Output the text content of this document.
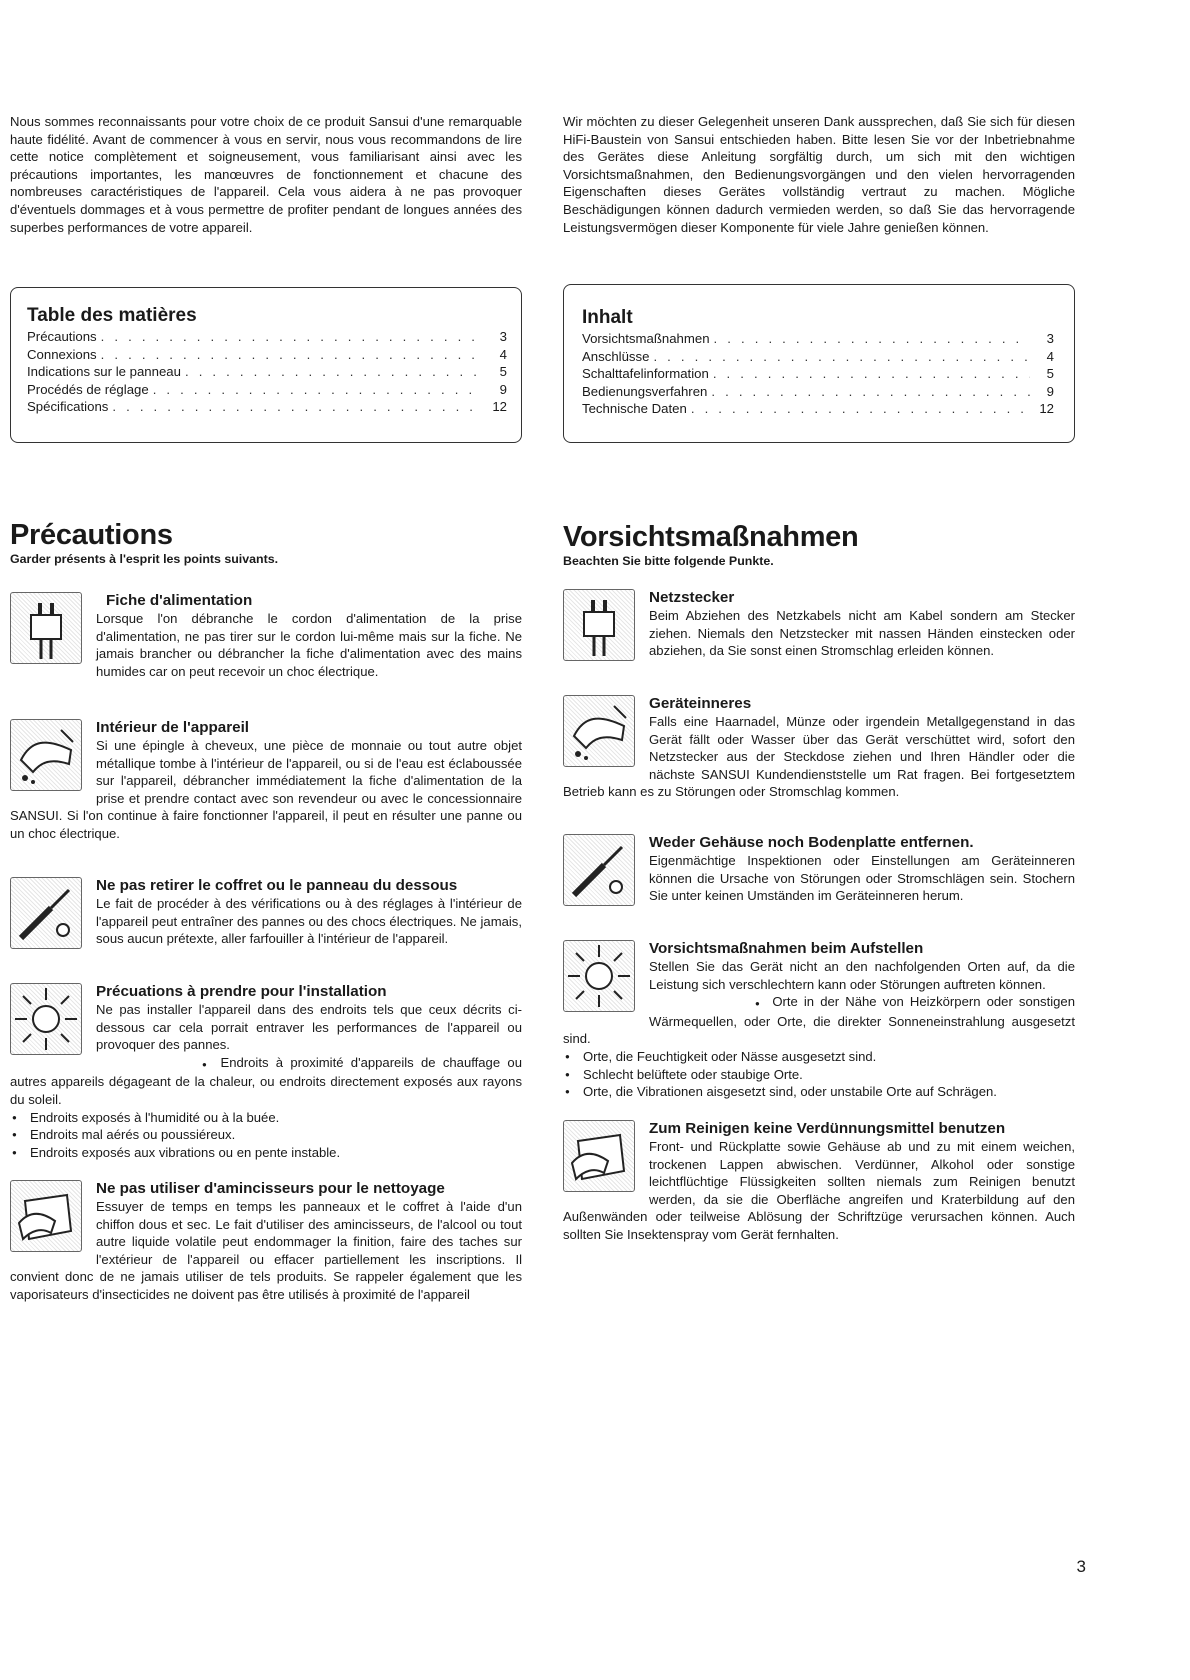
Nous sommes reconnaissants pour votre choix de ce produit Sansui d'une remarquable haute fidélité. Avant de commencer à vous en servir, nous vous recommandons de lire cette notice complètement et soigneusement, vous familiarisant ainsi avec les précautions importantes, les manœuvres de fonctionnement et chacune des nombreuses caractéristiques de l'appareil. Cela vous aidera à ne pas provoquer d'éventuels dommages et à vous permettre de profiter pendant de longues années des superbes performances de votre appareil.

Table des matières
Précautions . . .	3
Connexions . . .	4
Indications sur le panneau . . .	5
Procédés de réglage . . .	9
Spécifications . . .	12
Précautions

Garder présents à l'esprit les points suivants.

Fiche d'alimentation

Lorsque l'on débranche le cordon d'alimentation de la prise d'alimentation, ne pas tirer sur le cordon lui-même mais sur la fiche. Ne jamais brancher ou débrancher la fiche d'alimentation avec des mains humides car on peut recevoir un choc électrique.

Intérieur de l'appareil

Si une épingle à cheveux, une pièce de monnaie ou tout autre objet métallique tombe à l'intérieur de l'appareil, ou si de l'eau est éclaboussée sur l'appareil, débrancher immédiatement la fiche d'alimentation de la prise et prendre contact avec son revendeur ou avec le concessionnaire SANSUI. Si l'on continue à faire fonctionner l'appareil, il peut en résulter une panne ou un choc électrique.

Ne pas retirer le coffret ou le panneau du dessous

Le fait de procéder à des vérifications ou à des réglages à l'intérieur de l'appareil peut entraîner des pannes ou des chocs électriques. Ne jamais, sous aucun prétexte, aller farfouiller à l'intérieur de l'appareil.

Précuations à prendre pour l'installation

Ne pas installer l'appareil dans des endroits tels que ceux décrits ci-dessous car cela porrait entraver les performances de l'appareil ou provoquer des pannes.

● Endroits à proximité d'appareils de chauffage ou autres appareils dégageant de la chaleur, ou endroits directement exposés aux rayons du soleil.

● Endroits exposés à l'humidité ou à la buée.
● Endroits mal aérés ou poussiéreux.
● Endroits exposés aux vibrations ou en pente instable.
Ne pas utiliser d'amincisseurs pour le nettoyage

Essuyer de temps en temps les panneaux et le coffret à l'aide d'un chiffon dous et sec. Le fait d'utiliser des amincisseurs, de l'alcool ou tout autre liquide volatile peut endommager la finition, faire des taches sur l'extérieur de l'appareil ou effacer partiellement les inscriptions. Il convient donc de ne jamais utiliser de tels produits. Se rappeler également que les vaporisateurs d'insecticides ne doivent pas être utilisés à proximité de l'appareil

Wir möchten zu dieser Gelegenheit unseren Dank aussprechen, daß Sie sich für diesen HiFi-Baustein von Sansui entschieden haben. Bitte lesen Sie vor der Inbetriebnahme des Gerätes diese Anleitung sorgfältig durch, um sich mit den wichtigen Vorsichtsmaßnahmen, den Bedienungsvorgängen und den vielen hervorragenden Eigenschaften dieses Gerätes vollständig vertraut zu machen. Mögliche Beschädigungen können dadurch vermieden werden, so daß Sie das hervorragende Leistungsvermögen dieser Komponente für viele Jahre genießen können.

Inhalt
Vorsichtsmaßnahmen . . .	3
Anschlüsse . . .	4
Schalttafelinformation . . .	5
Bedienungsverfahren . . .	9
Technische Daten . . .	12
Vorsichtsmaßnahmen

Beachten Sie bitte folgende Punkte.

Netzstecker

Beim Abziehen des Netzkabels nicht am Kabel sondern am Stecker ziehen. Niemals den Netzstecker mit nassen Händen einstecken oder abziehen, da Sie sonst einen Stromschlag erleiden können.

Geräteinneres

Falls eine Haarnadel, Münze oder irgendein Metallgegenstand in das Gerät fällt oder Wasser über das Gerät verschüttet wird, sofort den Netzstecker aus der Steckdose ziehen und Ihren Händler oder die nächste SANSUI Kundendienststelle um Rat fragen. Bei fortgesetztem Betrieb kann es zu Störungen oder Stromschlag kommen.

Weder Gehäuse noch Bodenplatte entfernen.

Eigenmächtige Inspektionen oder Einstellungen am Geräteinneren können die Ursache von Störungen oder Stromschlägen sein. Stochern Sie unter keinen Umständen im Geräteinneren herum.

Vorsichtsmaßnahmen beim Aufstellen

Stellen Sie das Gerät nicht an den nachfolgenden Orten auf, da die Leistung sich verschlechtern kann oder Störungen auftreten können.

● Orte in der Nähe von Heizkörpern oder sonstigen Wärmequellen, oder Orte, die direkter Sonneneinstrahlung ausgesetzt sind.

● Orte, die Feuchtigkeit oder Nässe ausgesetzt sind.
● Schlecht belüftete oder staubige Orte.
● Orte, die Vibrationen aisgesetzt sind, oder unstabile Orte auf Schrägen.
Zum Reinigen keine Verdünnungsmittel benutzen

Front- und Rückplatte sowie Gehäuse ab und zu mit einem weichen, trockenen Lappen abwischen. Verdünner, Alkohol oder sonstige leichtflüchtige Flüssigkeiten sollten niemals zum Reinigen benutzt werden, da sie die Oberfläche angreifen und Kraterbildung auf den Außenwänden oder teilweise Ablösung der Schriftzüge verursachen können. Auch sollten Sie Insektenspray vom Gerät fernhalten.

3
